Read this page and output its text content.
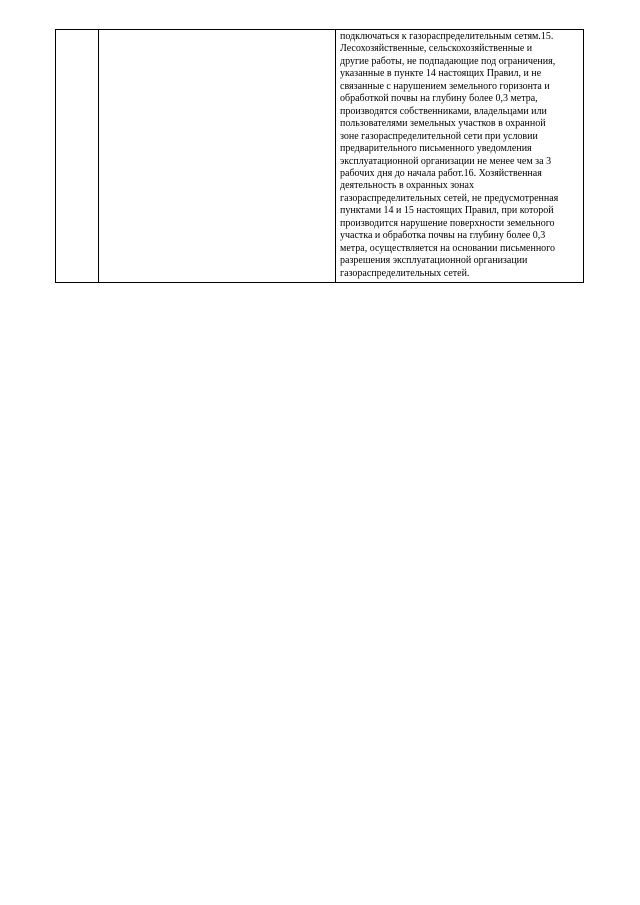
подключаться к газораспределительным сетям.15.
Лесохозяйственные, сельскохозяйственные и
другие работы, не подпадающие под ограничения,
указанные в пункте 14 настоящих Правил, и не
связанные с нарушением земельного горизонта и
обработкой почвы на глубину более 0,3 метра,
производятся собственниками, владельцами или
пользователями земельных участков в охранной
зоне газораспределительной сети при условии
предварительного письменного уведомления
эксплуатационной организации не менее чем за 3
рабочих дня до начала работ.16. Хозяйственная
деятельность в охранных зонах
газораспределительных сетей, не предусмотренная
пунктами 14 и 15 настоящих Правил, при которой
производится нарушение поверхности земельного
участка и обработка почвы на глубину более 0,3
метра, осуществляется на основании письменного
разрешения эксплуатационной организации
газораспределительных сетей.
